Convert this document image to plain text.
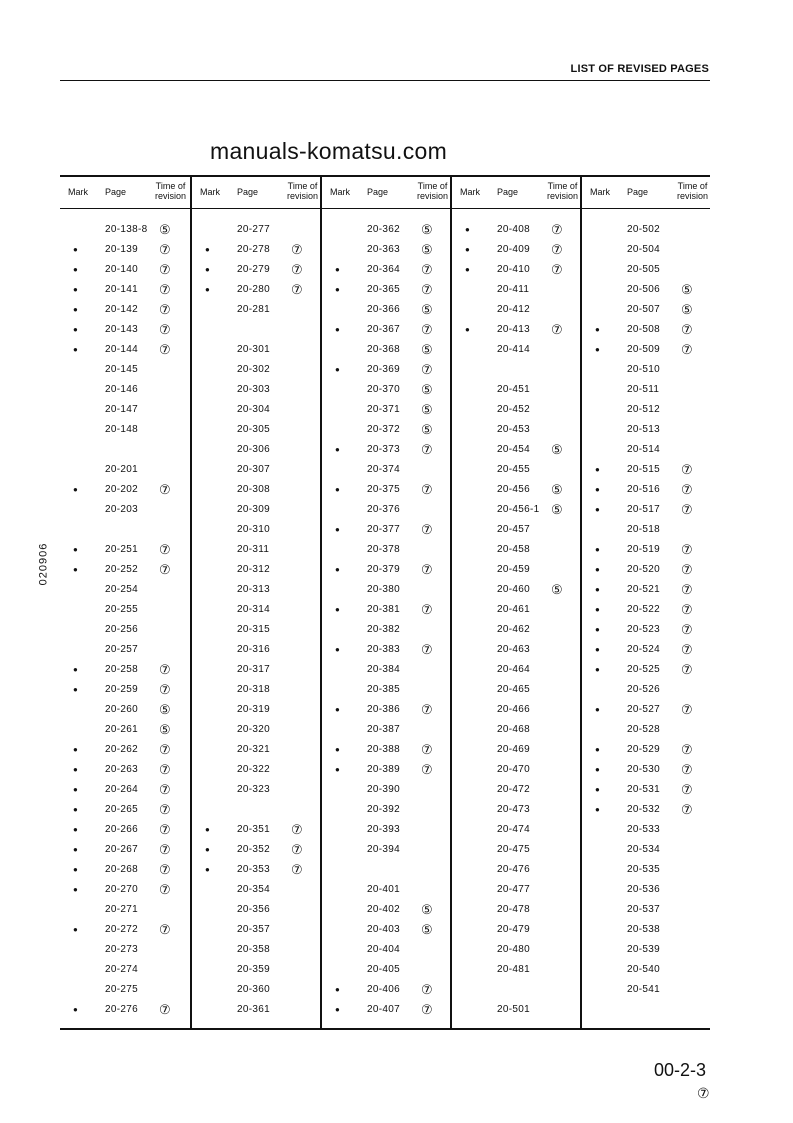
LIST OF REVISED PAGES
020906
Mark Page
Time of
revision
20-138-8 ⑤
●	20-139 ⑦
●	20-140 ⑦
●	20-141 ⑦
●	20-142 ⑦
●	20-143 ⑦
●	20-144 ⑦
20-145
20-146
20-147
20-148
20-201
●	20-202 ⑦
20-203
●	20-251 ⑦
●	20-252 ⑦
20-254
20-255
20-256
20-257
●	20-258 ⑦
●	20-259 ⑦
20-260 ⑤
20-261 ⑤
●	20-262 ⑦
●	20-263 ⑦
●	20-264 ⑦
●	20-265 ⑦
●	20-266 ⑦
●	20-267 ⑦
●	20-268 ⑦
●	20-270 ⑦
20-271
●	20-272 ⑦
20-273
20-274
20-275
●	20-276 ⑦
Mark Page
Time of
revision
20-277
●	20-278 ⑦
●	20-279 ⑦
●	20-280 ⑦
20-281
20-301
20-302
20-303
20-304
20-305
20-306
20-307
20-308
20-309
20-310
20-311
20-312
20-313
20-314
20-315
20-316
20-317
20-318
20-319
20-320
20-321
20-322
20-323
●	20-351 ⑦
●	20-352 ⑦
●	20-353 ⑦
20-354
20-356
20-357
20-358
20-359
20-360
20-361
Mark Page
Time of
revision
20-362 ⑤
20-363 ⑤
●	20-364 ⑦
●	20-365 ⑦
20-366 ⑤
●	20-367 ⑦
20-368 ⑤
●	20-369 ⑦
20-370 ⑤
20-371 ⑤
20-372 ⑤
●	20-373 ⑦
20-374
●	20-375 ⑦
20-376
●	20-377 ⑦
20-378
●	20-379 ⑦
20-380
●	20-381 ⑦
20-382
●	20-383 ⑦
20-384
20-385
●	20-386 ⑦
20-387
●	20-388 ⑦
●	20-389 ⑦
20-390
20-392
20-393
20-394
20-401
20-402 ⑤
20-403 ⑤
20-404
20-405
●	20-406 ⑦
●	20-407 ⑦
Mark Page
Time of
revision
●	20-408 ⑦
●	20-409 ⑦
●	20-410 ⑦
20-411
20-412
●	20-413 ⑦
20-414
20-451
20-452
20-453
20-454 ⑤
20-455
20-456 ⑤
20-456-1 ⑤
20-457
20-458
20-459
20-460 ⑤
20-461
20-462
20-463
20-464
20-465
20-466
20-468
20-469
20-470
20-472
20-473
20-474
20-475
20-476
20-477
20-478
20-479
20-480
20-481
20-501
Mark Page
Time of
revision
20-502
20-504
20-505
20-506 ⑤
20-507 ⑤
●	20-508 ⑦
●	20-509 ⑦
20-510
20-511
20-512
20-513
20-514
●	20-515 ⑦
●	20-516 ⑦
●	20-517 ⑦
20-518
●	20-519 ⑦
●	20-520 ⑦
●	20-521 ⑦
●	20-522 ⑦
●	20-523 ⑦
●	20-524 ⑦
●	20-525 ⑦
20-526
●	20-527 ⑦
20-528
●	20-529 ⑦
●	20-530 ⑦
●	20-531 ⑦
●	20-532 ⑦
20-533
20-534
20-535
20-536
20-537
20-538
20-539
20-540
20-541
manuals-komatsu.com
00-2-3
⑦
